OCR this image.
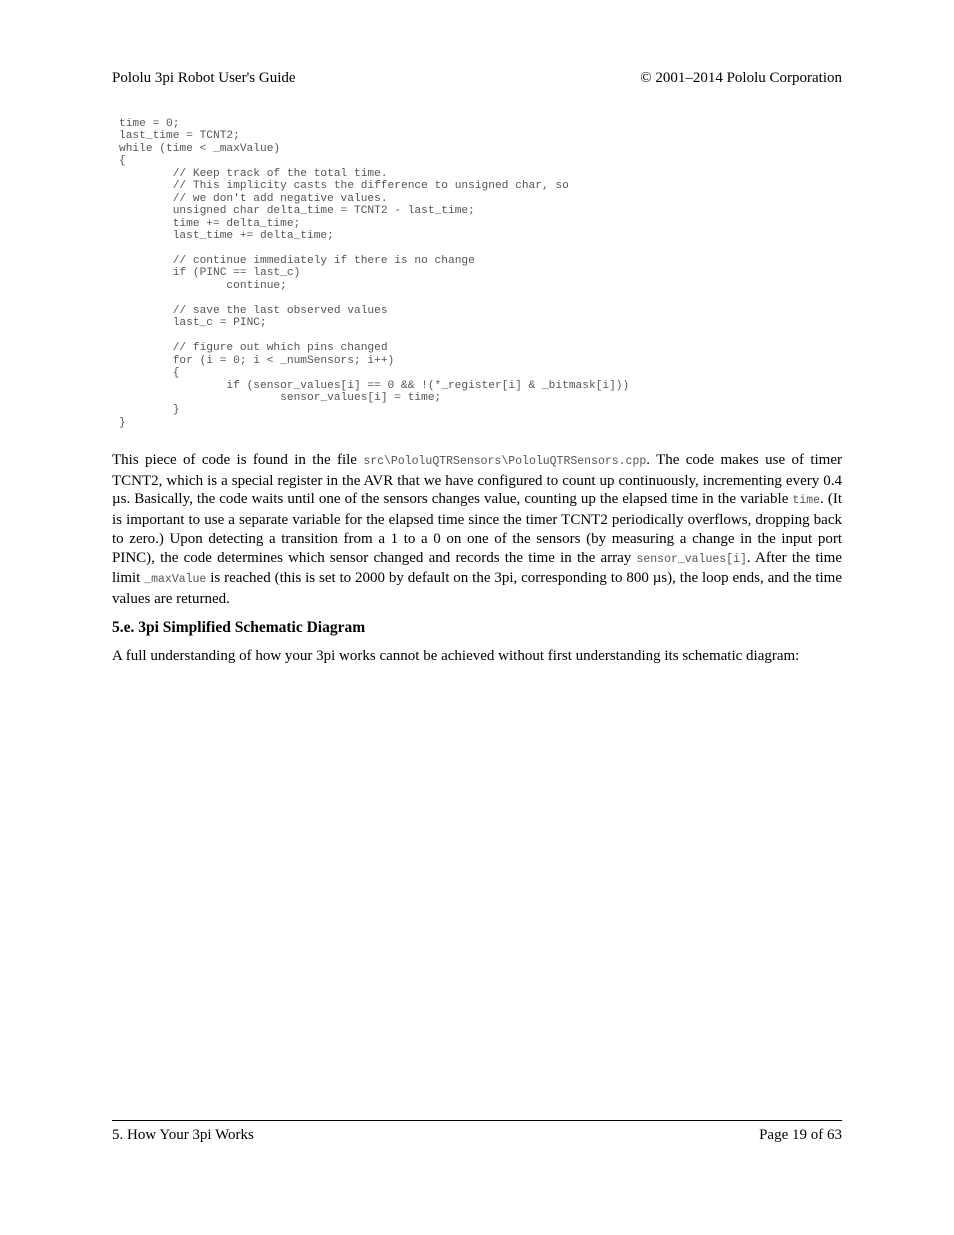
Pololu 3pi Robot User's Guide	© 2001–2014 Pololu Corporation
time = 0;
last_time = TCNT2;
while (time < _maxValue)
{
	// Keep track of the total time.
	// This implicity casts the difference to unsigned char, so
	// we don't add negative values.
	unsigned char delta_time = TCNT2 - last_time;
	time += delta_time;
	last_time += delta_time;

	// continue immediately if there is no change
	if (PINC == last_c)
		continue;

	// save the last observed values
	last_c = PINC;

	// figure out which pins changed
	for (i = 0; i < _numSensors; i++)
	{
		if (sensor_values[i] == 0 && !(*_register[i] & _bitmask[i]))
			sensor_values[i] = time;
	}
}

This piece of code is found in the file src\PololuQTRSensors\PololuQTRSensors.cpp. The code makes use of timer TCNT2, which is a special register in the AVR that we have configured to count up continuously, incrementing every 0.4 µs. Basically, the code waits until one of the sensors changes value, counting up the elapsed time in the variable time. (It is important to use a separate variable for the elapsed time since the timer TCNT2 periodically overflows, dropping back to zero.) Upon detecting a transition from a 1 to a 0 on one of the sensors (by measuring a change in the input port PINC), the code determines which sensor changed and records the time in the array sensor_values[i]. After the time limit _maxValue is reached (this is set to 2000 by default on the 3pi, corresponding to 800 µs), the loop ends, and the time values are returned.

5.e. 3pi Simplified Schematic Diagram

A full understanding of how your 3pi works cannot be achieved without first understanding its schematic diagram:

5. How Your 3pi Works	Page 19 of 63
